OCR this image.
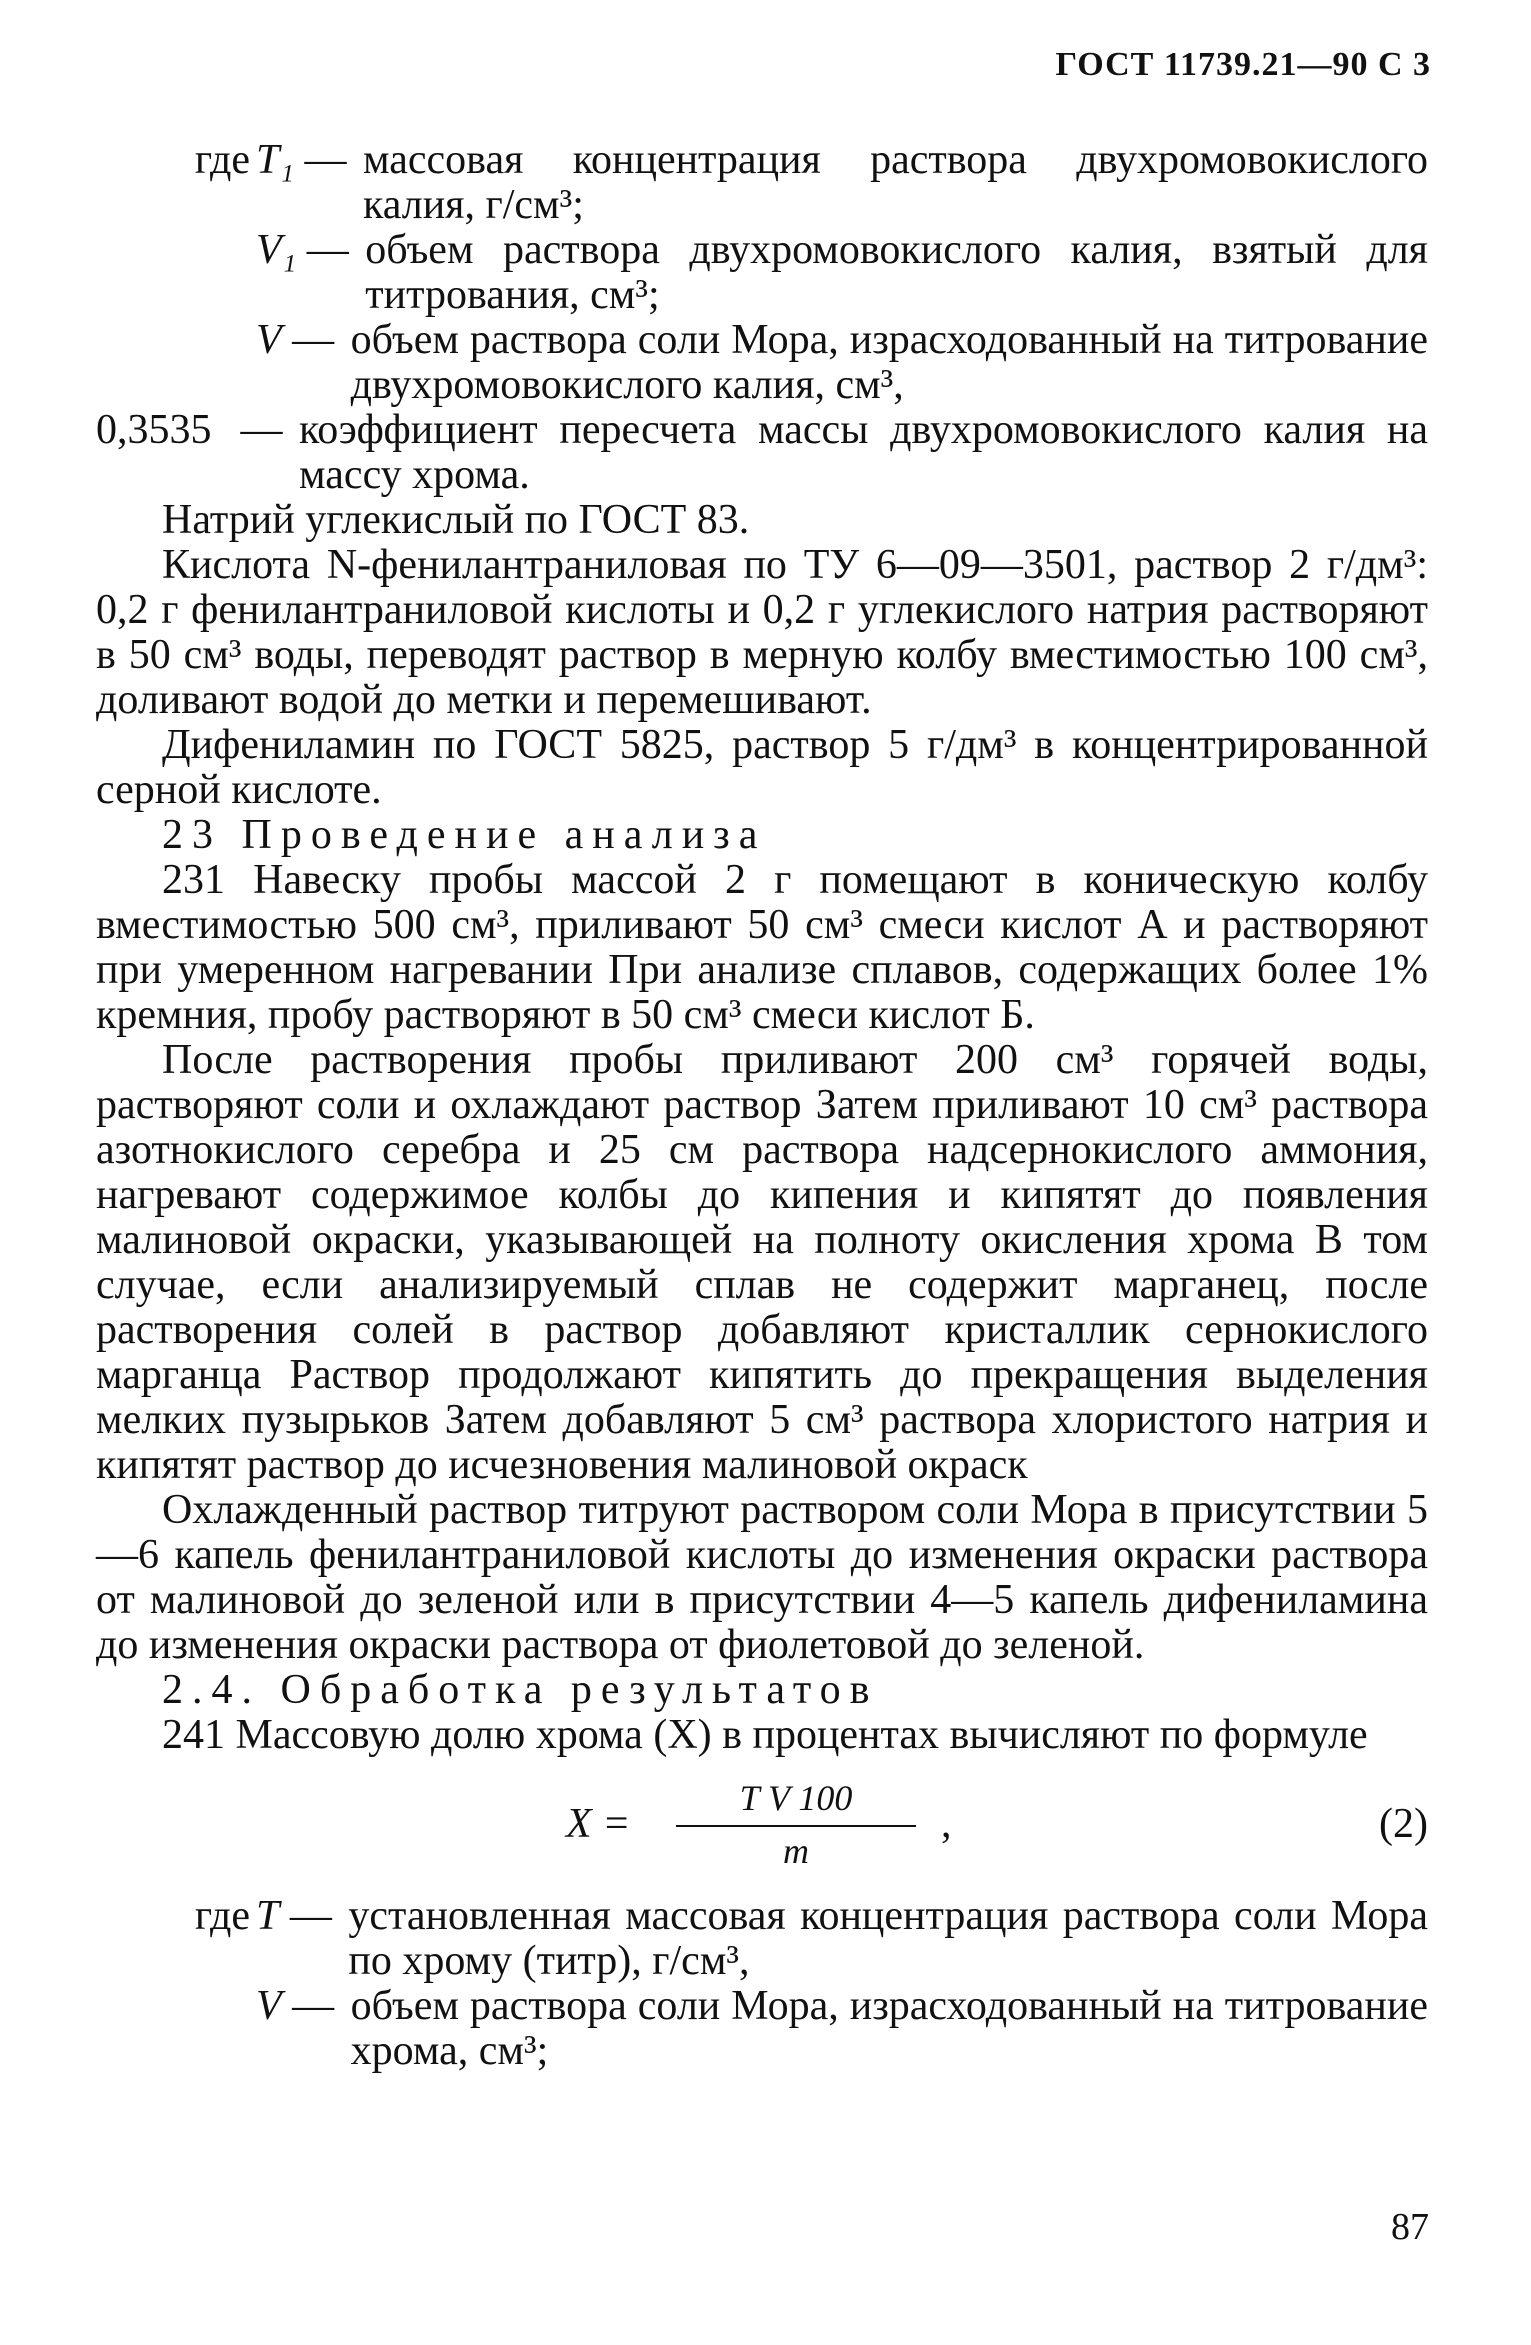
ГОСТ 11739.21—90 С 3
где T₁ — массовая концентрация раствора двухромовокислого калия, г/см³;
V₁ — объем раствора двухромовокислого калия, взятый для титрования, см³;
V — объем раствора соли Мора, израсходованный на титрование двухромовокислого калия, см³,
0,3535 — коэффициент пересчета массы двухромовокислого калия на массу хрома.

Натрий углекислый по ГОСТ 83.

Кислота N-фенилантраниловая по ТУ 6—09—3501, раствор 2 г/дм³: 0,2 г фенилантраниловой кислоты и 0,2 г углекислого натрия растворяют в 50 см³ воды, переводят раствор в мерную колбу вместимостью 100 см³, доливают водой до метки и перемешивают.

Дифениламин по ГОСТ 5825, раствор 5 г/дм³ в концентрированной серной кислоте.

23 Проведение анализа

231 Навеску пробы массой 2 г помещают в коническую колбу вместимостью 500 см³, приливают 50 см³ смеси кислот А и растворяют при умеренном нагревании При анализе сплавов, содержащих более 1% кремния, пробу растворяют в 50 см³ смеси кислот Б.

После растворения пробы приливают 200 см³ горячей воды, растворяют соли и охлаждают раствор Затем приливают 10 см³ раствора азотнокислого серебра и 25 см раствора надсернокислого аммония, нагревают содержимое колбы до кипения и кипятят до появления малиновой окраски, указывающей на полноту окисления хрома В том случае, если анализируемый сплав не содержит марганец, после растворения солей в раствор добавляют кристаллик сернокислого марганца Раствор продолжают кипятить до прекращения выделения мелких пузырьков Затем добавляют 5 см³ раствора хлористого натрия и кипятят раствор до исчезновения малиновой окраск

Охлажденный раствор титруют раствором соли Мора в присутствии 5—6 капель фенилантраниловой кислоты до изменения окраски раствора от малиновой до зеленой или в присутствии 4—5 капель дифениламина до изменения окраски раствора от фиолетовой до зеленой.

2.4. Обработка результатов

241 Массовую долю хрома (X) в процентах вычисляют по формуле

$X = \frac{\text{T V 100}}{m}$ ,	(2)
где T — установленная массовая концентрация раствора соли Мора по хрому (титр), г/см³,
V — объем раствора соли Мора, израсходованный на титрование хрома, см³;
87
